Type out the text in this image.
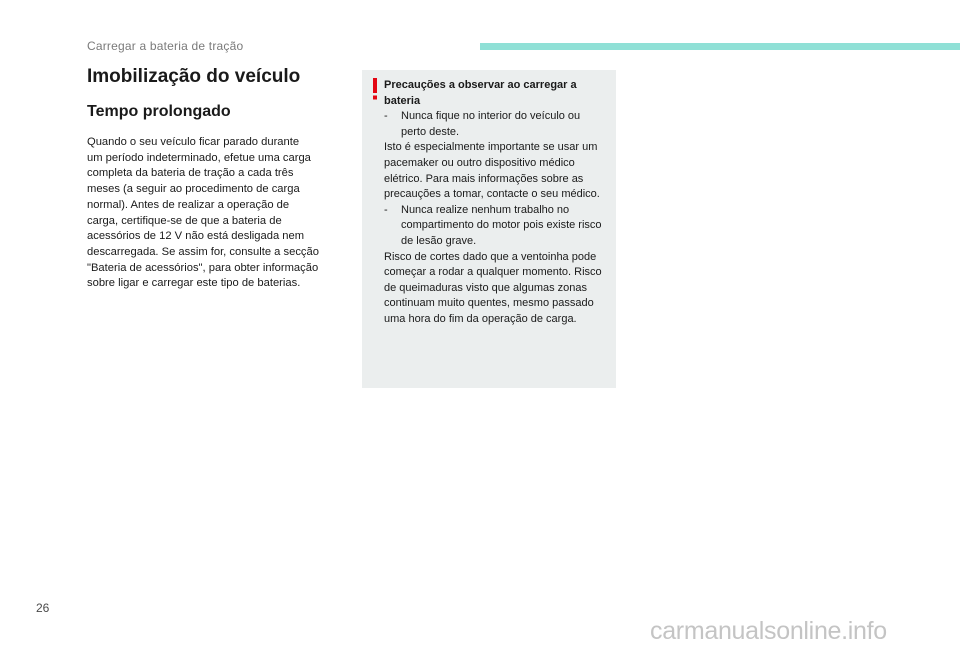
Carregar a bateria de tração
Imobilização do veículo
Tempo prolongado

Quando o seu veículo ficar parado durante
um período indeterminado, efetue uma carga
completa da bateria de tração a cada três
meses (a seguir ao procedimento de carga
normal). Antes de realizar a operação de
carga, certifique-se de que a bateria de
acessórios de 12 V não está desligada nem
descarregada. Se assim for, consulte a secção
"Bateria de acessórios", para obter informação
sobre ligar e carregar este tipo de baterias.

Precauções a observar ao carregar a bateria

- Nunca fique no interior do veículo ou perto deste.

Isto é especialmente importante se usar um pacemaker ou outro dispositivo médico elétrico. Para mais informações sobre as precauções a tomar, contacte o seu médico.

- Nunca realize nenhum trabalho no compartimento do motor pois existe risco de lesão grave.

Risco de cortes dado que a ventoinha pode começar a rodar a qualquer momento. Risco de queimaduras visto que algumas zonas continuam muito quentes, mesmo passado uma hora do fim da operação de carga.

26
carmanualsonline.info
